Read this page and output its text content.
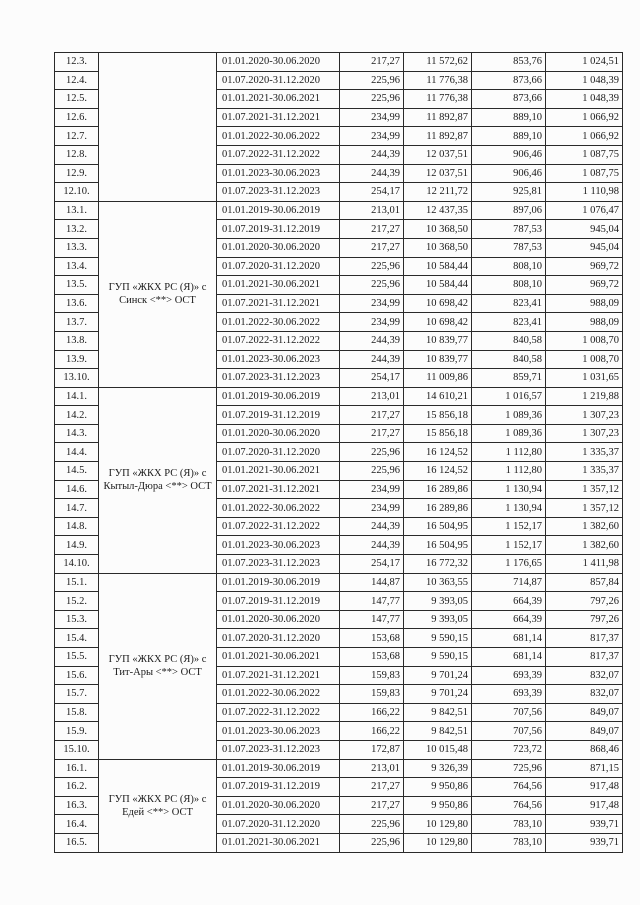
12.3.		01.01.2020-30.06.2020	217,27	11 572,62	853,76	1 024,51
12.4.		01.07.2020-31.12.2020	225,96	11 776,38	873,66	1 048,39
12.5.		01.01.2021-30.06.2021	225,96	11 776,38	873,66	1 048,39
12.6.		01.07.2021-31.12.2021	234,99	11 892,87	889,10	1 066,92
12.7.		01.01.2022-30.06.2022	234,99	11 892,87	889,10	1 066,92
12.8.		01.07.2022-31.12.2022	244,39	12 037,51	906,46	1 087,75
12.9.		01.01.2023-30.06.2023	244,39	12 037,51	906,46	1 087,75
12.10.		01.07.2023-31.12.2023	254,17	12 211,72	925,81	1 110,98
13.1.	ГУП «ЖКХ РС (Я)» с Синск <**> ОСТ	01.01.2019-30.06.2019	213,01	12 437,35	897,06	1 076,47
13.2.		01.07.2019-31.12.2019	217,27	10 368,50	787,53	945,04
13.3.		01.01.2020-30.06.2020	217,27	10 368,50	787,53	945,04
13.4.		01.07.2020-31.12.2020	225,96	10 584,44	808,10	969,72
13.5.		01.01.2021-30.06.2021	225,96	10 584,44	808,10	969,72
13.6.		01.07.2021-31.12.2021	234,99	10 698,42	823,41	988,09
13.7.		01.01.2022-30.06.2022	234,99	10 698,42	823,41	988,09
13.8.		01.07.2022-31.12.2022	244,39	10 839,77	840,58	1 008,70
13.9.		01.01.2023-30.06.2023	244,39	10 839,77	840,58	1 008,70
13.10.		01.07.2023-31.12.2023	254,17	11 009,86	859,71	1 031,65
14.1.	ГУП «ЖКХ РС (Я)» с Кытыл-Дюра <**> ОСТ	01.01.2019-30.06.2019	213,01	14 610,21	1 016,57	1 219,88
14.2.		01.07.2019-31.12.2019	217,27	15 856,18	1 089,36	1 307,23
14.3.		01.01.2020-30.06.2020	217,27	15 856,18	1 089,36	1 307,23
14.4.		01.07.2020-31.12.2020	225,96	16 124,52	1 112,80	1 335,37
14.5.		01.01.2021-30.06.2021	225,96	16 124,52	1 112,80	1 335,37
14.6.		01.07.2021-31.12.2021	234,99	16 289,86	1 130,94	1 357,12
14.7.		01.01.2022-30.06.2022	234,99	16 289,86	1 130,94	1 357,12
14.8.		01.07.2022-31.12.2022	244,39	16 504,95	1 152,17	1 382,60
14.9.		01.01.2023-30.06.2023	244,39	16 504,95	1 152,17	1 382,60
14.10.		01.07.2023-31.12.2023	254,17	16 772,32	1 176,65	1 411,98
15.1.	ГУП «ЖКХ РС (Я)» с Тит-Ары <**> ОСТ	01.01.2019-30.06.2019	144,87	10 363,55	714,87	857,84
15.2.		01.07.2019-31.12.2019	147,77	9 393,05	664,39	797,26
15.3.		01.01.2020-30.06.2020	147,77	9 393,05	664,39	797,26
15.4.		01.07.2020-31.12.2020	153,68	9 590,15	681,14	817,37
15.5.		01.01.2021-30.06.2021	153,68	9 590,15	681,14	817,37
15.6.		01.07.2021-31.12.2021	159,83	9 701,24	693,39	832,07
15.7.		01.01.2022-30.06.2022	159,83	9 701,24	693,39	832,07
15.8.		01.07.2022-31.12.2022	166,22	9 842,51	707,56	849,07
15.9.		01.01.2023-30.06.2023	166,22	9 842,51	707,56	849,07
15.10.		01.07.2023-31.12.2023	172,87	10 015,48	723,72	868,46
16.1.	ГУП «ЖКХ РС (Я)» с Едей <**> ОСТ	01.01.2019-30.06.2019	213,01	9 326,39	725,96	871,15
16.2.		01.07.2019-31.12.2019	217,27	9 950,86	764,56	917,48
16.3.		01.01.2020-30.06.2020	217,27	9 950,86	764,56	917,48
16.4.		01.07.2020-31.12.2020	225,96	10 129,80	783,10	939,71
16.5.		01.01.2021-30.06.2021	225,96	10 129,80	783,10	939,71
